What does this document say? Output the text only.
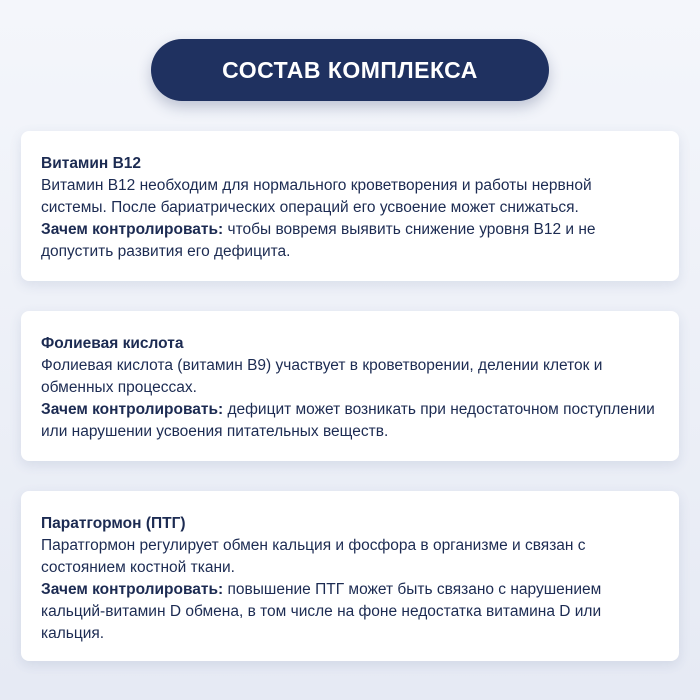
СОСТАВ КОМПЛЕКСА

Витамин B12

Витамин B12 необходим для нормального кроветворения и работы нервной системы. После бариатрических операций его усвоение может снижаться.

Зачем контролировать: чтобы вовремя выявить снижение уровня B12 и не допустить развития его дефицита.

Фолиевая кислота

Фолиевая кислота (витамин B9) участвует в кроветворении, делении клеток и обменных процессах.

Зачем контролировать: дефицит может возникать при недостаточном поступлении или нарушении усвоения питательных веществ.

Паратгормон (ПТГ)

Паратгормон регулирует обмен кальция и фосфора в организме и связан с состоянием костной ткани.

Зачем контролировать: повышение ПТГ может быть связано с нарушением кальций-витамин D обмена, в том числе на фоне недостатка витамина D или кальция.
